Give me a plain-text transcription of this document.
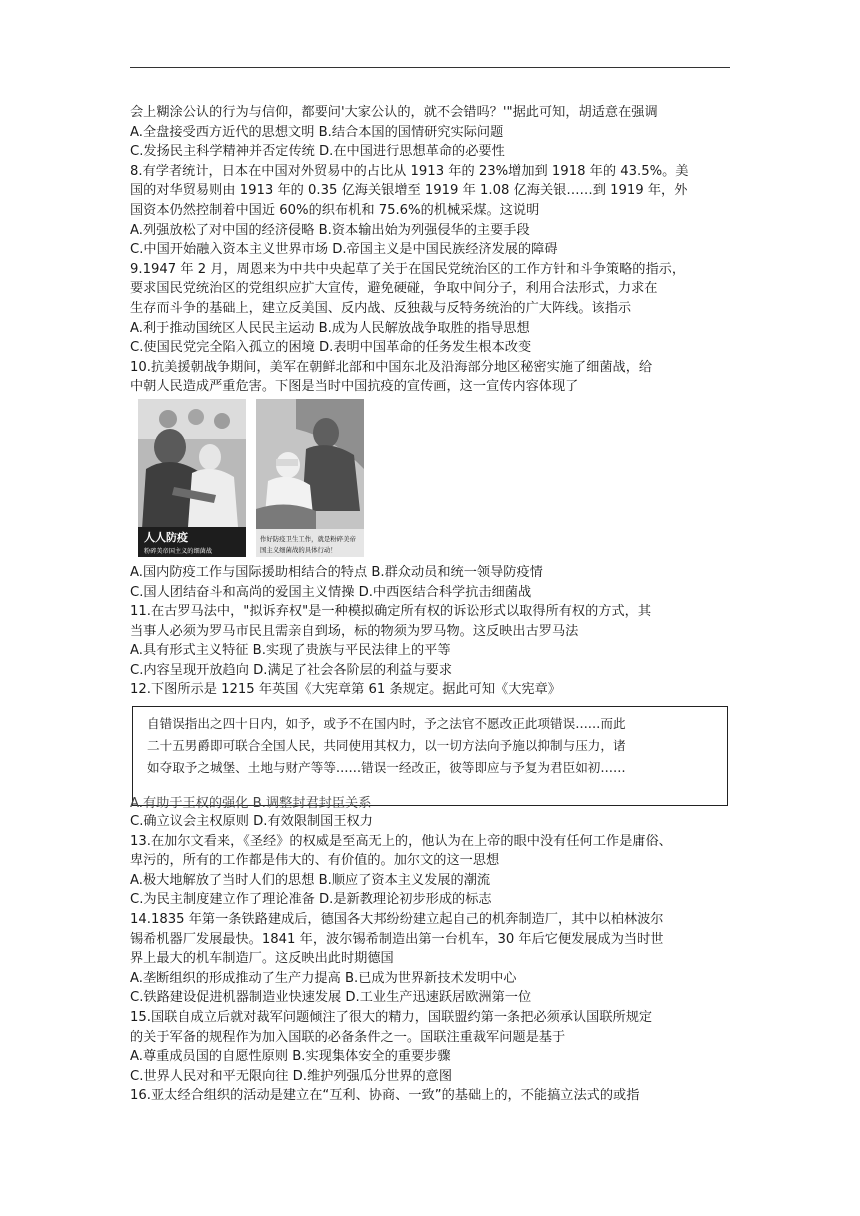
会上糊涂公认的行为与信仰，都要问'大家公认的，就不会错吗？'"据此可知，胡适意在强调
A.全盘接受西方近代的思想文明 B.结合本国的国情研究实际问题
C.发扬民主科学精神并否定传统 D.在中国进行思想革命的必要性
8.有学者统计，日本在中国对外贸易中的占比从 1913 年的 23%增加到 1918 年的 43.5%。美
国的对华贸易则由 1913 年的 0.35 亿海关银增至 1919 年 1.08 亿海关银……到 1919 年，外
国资本仍然控制着中国近 60%的织布机和 75.6%的机械采煤。这说明
A.列强放松了对中国的经济侵略 B.资本输出始为列强侵华的主要手段
C.中国开始融入资本主义世界市场 D.帝国主义是中国民族经济发展的障碍
9.1947 年 2 月，周恩来为中共中央起草了关于在国民党统治区的工作方针和斗争策略的指示，
要求国民党统治区的党组织应扩大宣传，避免硬碰，争取中间分子，利用合法形式，力求在
生存而斗争的基础上，建立反美国、反内战、反独裁与反特务统治的广大阵线。该指示
A.利于推动国统区人民民主运动 B.成为人民解放战争取胜的指导思想
C.使国民党完全陷入孤立的困境 D.表明中国革命的任务发生根本改变
10.抗美援朝战争期间，美军在朝鲜北部和中国东北及沿海部分地区秘密实施了细菌战，给
中朝人民造成严重危害。下图是当时中国抗疫的宣传画，这一宣传内容体现了
人人防疫
粉碎美帝国主义的细菌战
作好防疫卫生工作，就是粉碎美帝
国主义细菌战的具体行动！
A.国内防疫工作与国际援助相结合的特点 B.群众动员和统一领导防疫情
C.国人团结奋斗和高尚的爱国主义情操 D.中西医结合科学抗击细菌战
11.在古罗马法中，"拟诉弃权"是一种模拟确定所有权的诉讼形式以取得所有权的方式，其
当事人必须为罗马市民且需亲自到场，标的物须为罗马物。这反映出古罗马法
A.具有形式主义特征 B.实现了贵族与平民法律上的平等
C.内容呈现开放趋向 D.满足了社会各阶层的利益与要求
12.下图所示是 1215 年英国《大宪章第 61 条规定。据此可知《大宪章》
自错误指出之四十日内，如予，或予不在国内时，予之法官不愿改正此项错误……而此
二十五男爵即可联合全国人民，共同使用其权力，以一切方法向予施以抑制与压力，诸
如夺取予之城堡、土地与财产等等……错误一经改正，彼等即应与予复为君臣如初……
A.有助于王权的强化 B.调整封君封臣关系
C.确立议会主权原则 D.有效限制国王权力
13.在加尔文看来，《圣经》的权威是至高无上的，他认为在上帝的眼中没有任何工作是庸俗、
卑污的，所有的工作都是伟大的、有价值的。加尔文的这一思想
A.极大地解放了当时人们的思想 B.顺应了资本主义发展的潮流
C.为民主制度建立作了理论准备 D.是新教理论初步形成的标志
14.1835 年第一条铁路建成后，德国各大邦纷纷建立起自己的机奔制造厂，其中以柏林波尔
锡希机器厂发展最快。1841 年，波尔锡希制造出第一台机车，30 年后它便发展成为当时世
界上最大的机车制造厂。这反映出此时期德国
A.垄断组织的形成推动了生产力提高 B.已成为世界新技术发明中心
C.铁路建设促进机器制造业快速发展 D.工业生产迅速跃居欧洲第一位
15.国联自成立后就对裁军问题倾注了很大的精力，国联盟约第一条把必须承认国联所规定
的关于军备的规程作为加入国联的必备条件之一。国联注重裁军问题是基于
A.尊重成员国的自愿性原则 B.实现集体安全的重要步骤
C.世界人民对和平无限向往 D.维护列强瓜分世界的意图
16.亚太经合组织的活动是建立在“互利、协商、一致”的基础上的，不能搞立法式的或指
